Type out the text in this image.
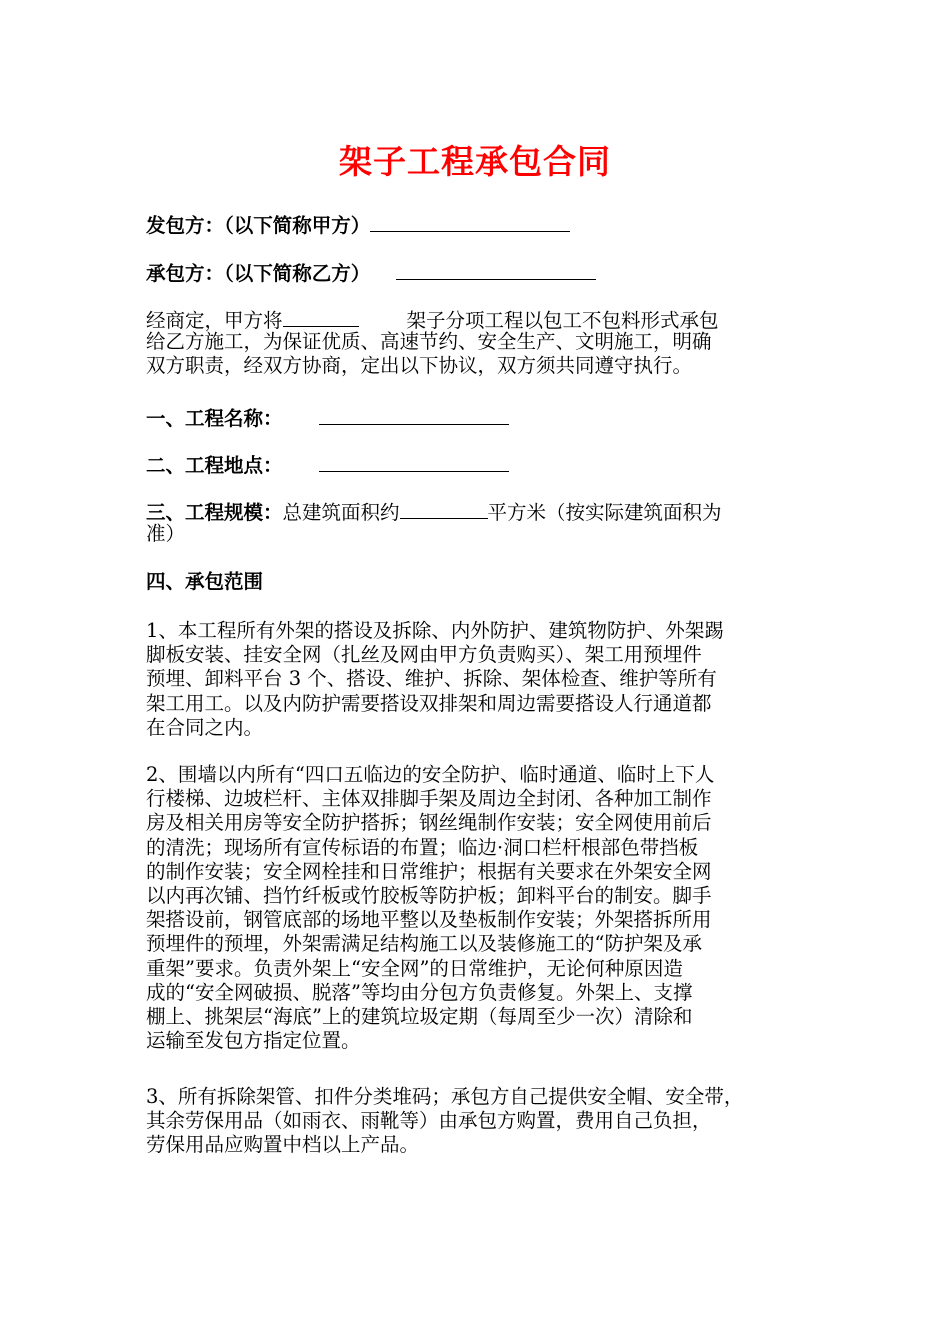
架子工程承包合同
发包方：（以下简称甲方）
承包方：（以下简称乙方）
经商定，甲方将	架子分项工程以包工不包料形式承包
给乙方施工，为保证优质、高速节约、安全生产、文明施工，明确
双方职责，经双方协商，定出以下协议，双方须共同遵守执行。
一、工程名称：
二、工程地点：
三、工程规模：总建筑面积约	平方米（按实际建筑面积为
准）
四、承包范围
1、本工程所有外架的搭设及拆除、内外防护、建筑物防护、外架踢
脚板安装、挂安全网（扎丝及网由甲方负责购买）、架工用预埋件
预埋、卸料平台 3 个、搭设、维护、拆除、架体检查、维护等所有
架工用工。以及内防护需要搭设双排架和周边需要搭设人行通道都
在合同之内。
2、围墙以内所有“四口五临边的安全防护、临时通道、临时上下人
行楼梯、边坡栏杆、主体双排脚手架及周边全封闭、各种加工制作
房及相关用房等安全防护搭拆；钢丝绳制作安装；安全网使用前后
的清洗；现场所有宣传标语的布置；临边·洞口栏杆根部色带挡板
的制作安装；安全网栓挂和日常维护；根据有关要求在外架安全网
以内再次铺、挡竹纤板或竹胶板等防护板；卸料平台的制安。脚手
架搭设前，钢管底部的场地平整以及垫板制作安装；外架搭拆所用
预埋件的预埋，外架需满足结构施工以及装修施工的“防护架及承
重架”要求。负责外架上“安全网”的日常维护，无论何种原因造
成的“安全网破损、脱落”等均由分包方负责修复。外架上、支撑
棚上、挑架层“海底”上的建筑垃圾定期（每周至少一次）清除和
运输至发包方指定位置。
3、所有拆除架管、扣件分类堆码；承包方自己提供安全帽、安全带，
其余劳保用品（如雨衣、雨靴等）由承包方购置，费用自己负担，
劳保用品应购置中档以上产品。
